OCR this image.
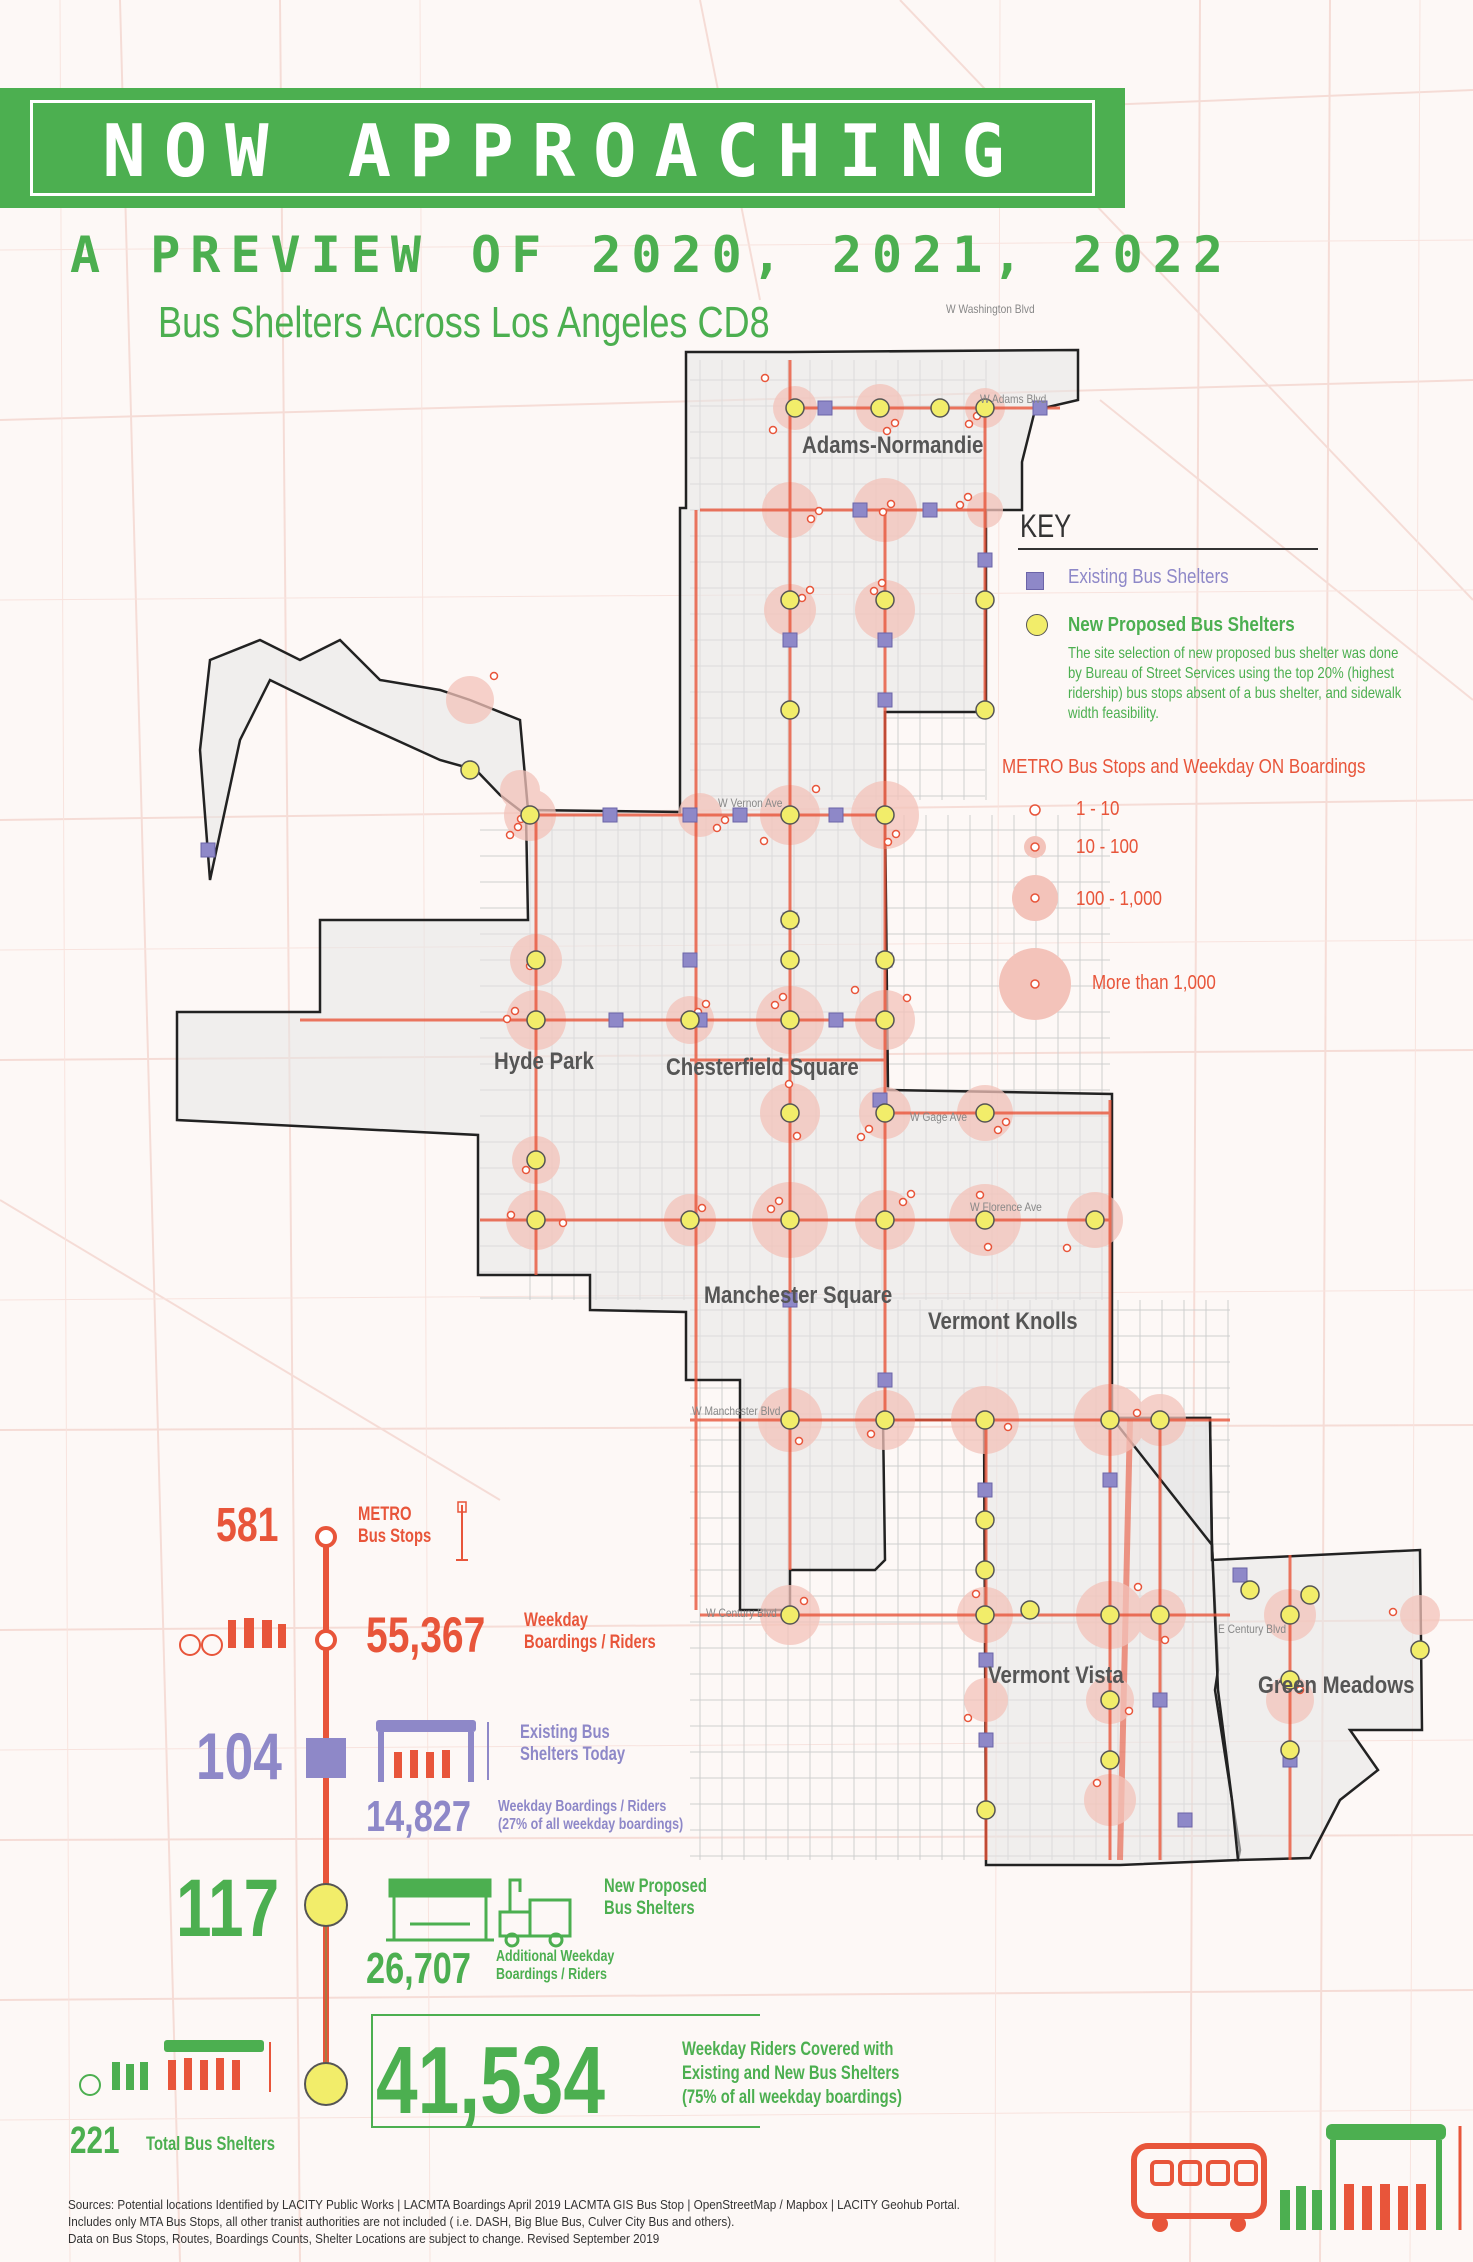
NOW APPROACHING
A PREVIEW OF 2020, 2021, 2022
Bus Shelters Across Los Angeles CD8
Adams-Normandie
Hyde Park	Chesterfield Square
Manchester Square
Vermont Knolls
Vermont Vista	Green Meadows
W Adams Blvd
W Vernon Ave
W Gage Ave
W Florence Ave
W Manchester Blvd
W Century Blvd
E Century Blvd
W Washington Blvd
KEY
Existing Bus Shelters
New Proposed Bus Shelters
The site selection of new proposed bus shelter was done by Bureau of Street Services using the top 20% (highest ridership) bus stops absent of a bus shelter, and sidewalk width feasibility.
METRO Bus Stops and Weekday ON Boardings
1 - 10
10 - 100
100 - 1,000
More than 1,000
581	METRO
Bus Stops
55,367 Weekday
Boardings / Riders
104	Existing Bus
Shelters Today
14,827 Weekday Boardings / Riders
(27% of all weekday boardings)
117	New Proposed
Bus Shelters
26,707 Additional Weekday
Boardings / Riders
41,534	Weekday Riders Covered with
Existing and New Bus Shelters
(75% of all weekday boardings)
221 Total Bus Shelters
Sources: Potential locations Identified by LACITY Public Works | LACMTA Boardings April 2019 LACMTA GIS Bus Stop | OpenStreetMap / Mapbox | LACITY Geohub Portal.
Includes only MTA Bus Stops, all other tranist authorities are not included ( i.e. DASH, Big Blue Bus, Culver City Bus and others).
Data on Bus Stops, Routes, Boardings Counts, Shelter Locations are subject to change. Revised September 2019
